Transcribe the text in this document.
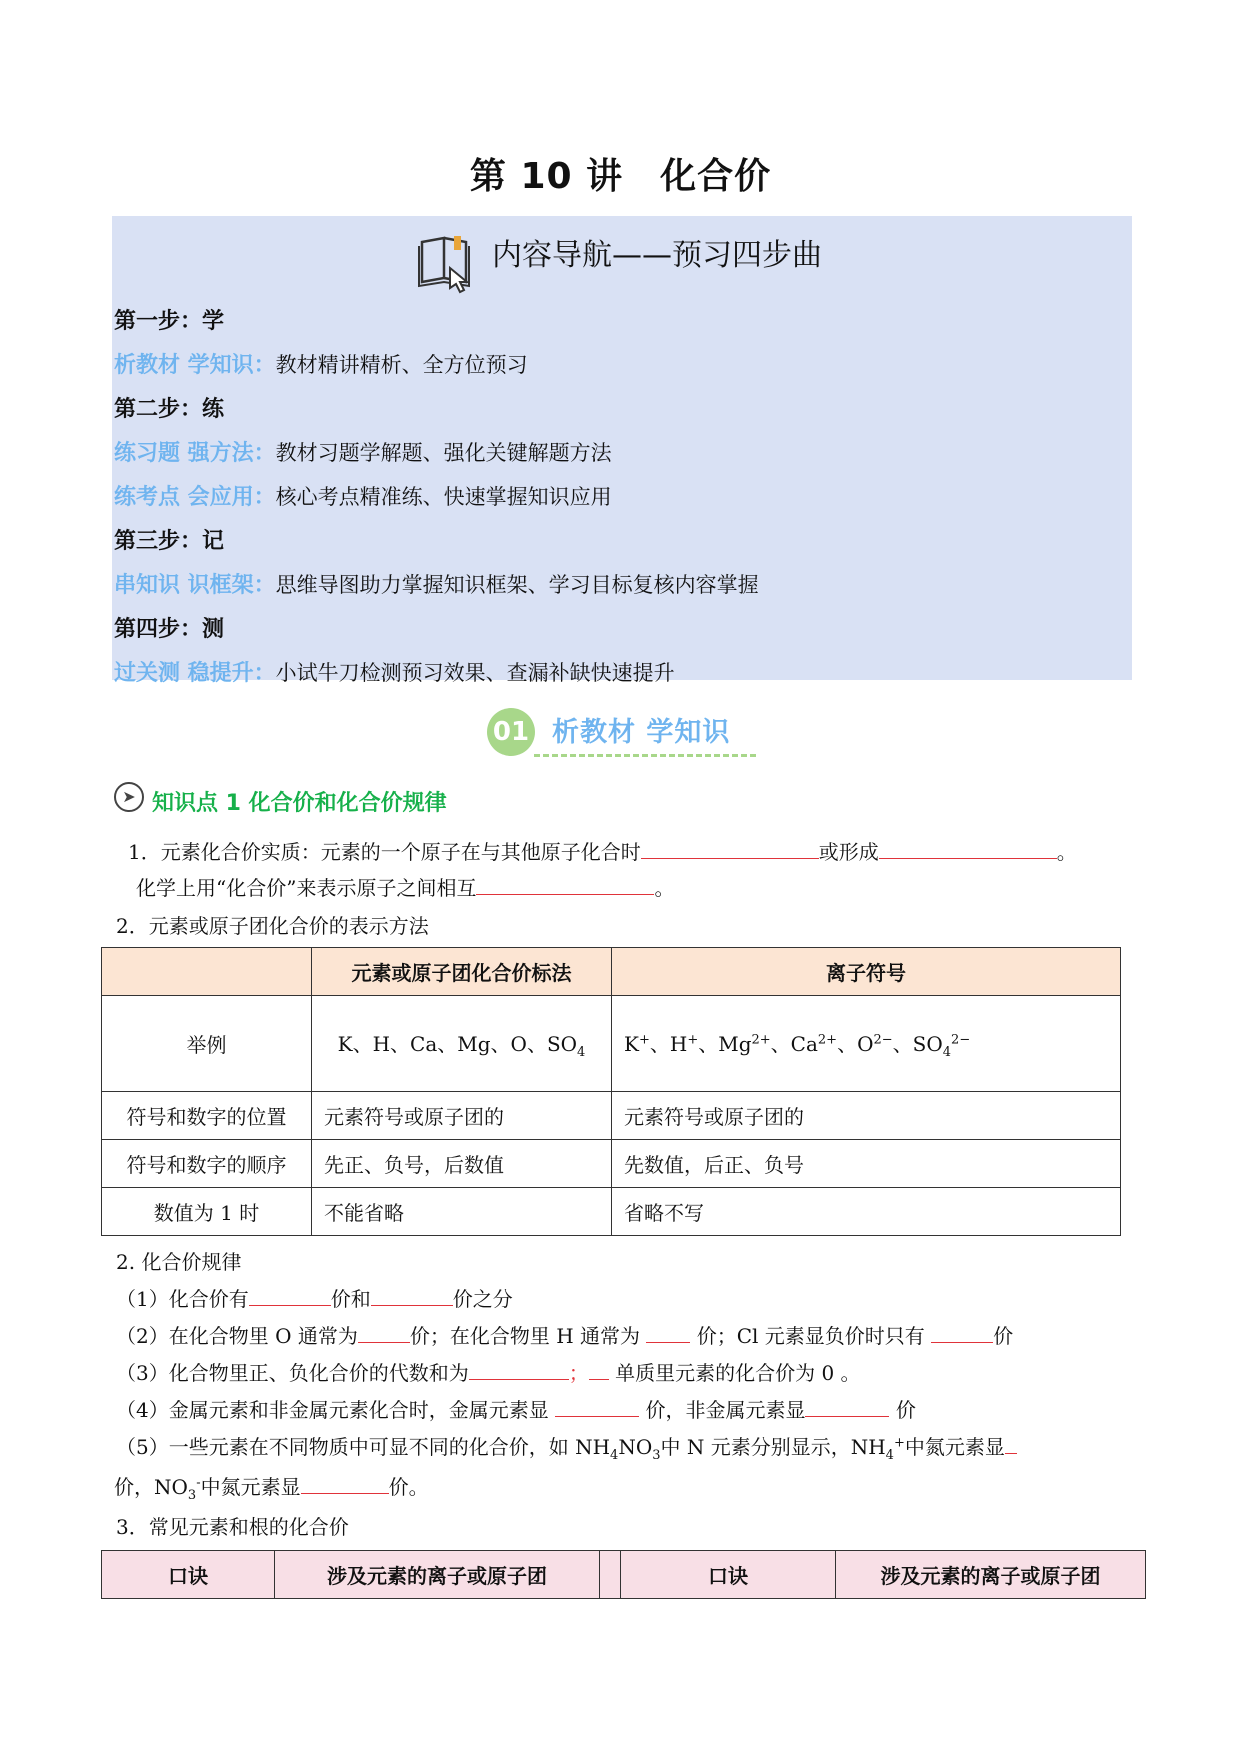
第 10 讲　化合价
内容导航——预习四步曲
第一步：学
析教材 学知识：教材精讲精析、全方位预习
第二步：练
练习题 强方法：教材习题学解题、强化关键解题方法
练考点 会应用：核心考点精准练、快速掌握知识应用
第三步：记
串知识 识框架：思维导图助力掌握知识框架、学习目标复核内容掌握
第四步：测
过关测 稳提升：小试牛刀检测预习效果、查漏补缺快速提升
01 析教材 学知识
➤ 知识点 1 化合价和化合价规律
1．元素化合价实质：元素的一个原子在与其他原子化合时	或形成	。
化学上用“化合价”来表示原子之间相互	。
2．元素或原子团化合价的表示方法
	元素或原子团化合价标法	离子符号
举例	K、H、Ca、Mg、O、$SO_4$	K+、H+、$Mg^{2+}$、$Ca^{2+}$、$O^{2-}$、$SO_4^{2-}$
符号和数字的位置	元素符号或原子团的	元素符号或原子团的
符号和数字的顺序	先正、负号，后数值	先数值，后正、负号
数值为 1 时	不能省略	省略不写
2. 化合价规律
（1）化合价有	价和	价之分
（2）在化合物里 O 通常为	价；在化合物里 H 通常为	价；Cl 元素显负价时只有	价
（3）化合物里正、负化合价的代数和为	； 单质里元素的化合价为 0 。
（4）金属元素和非金属元素化合时，金属元素显	价，非金属元素显	价
（5）一些元素在不同物质中可显不同的化合价，如 $NH_4NO_3$中 N 元素分别显示，$NH_4^+$中氮元素显
价，$NO_3^-$中氮元素显	价。
3．常见元素和根的化合价
口诀	涉及元素的离子或原子团		口诀	涉及元素的离子或原子团
